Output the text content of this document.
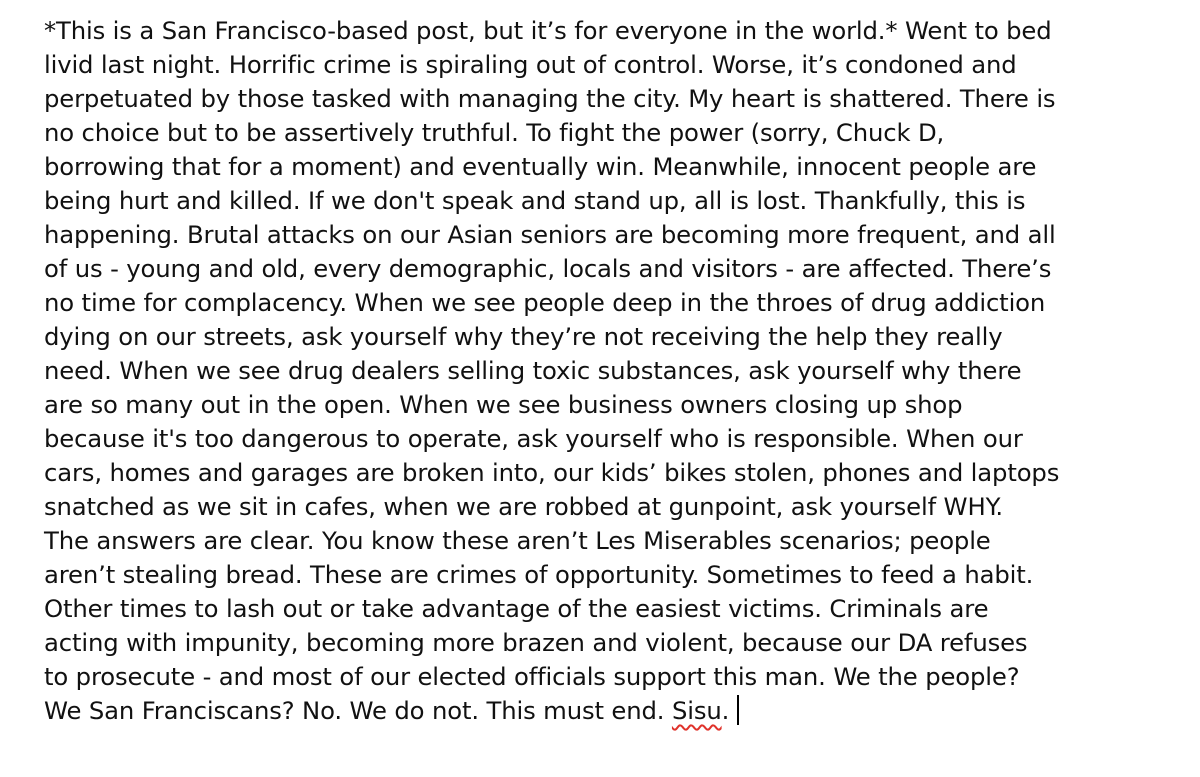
*This is a San Francisco-based post, but it’s for everyone in the world.* Went to bed
livid last night. Horrific crime is spiraling out of control. Worse, it’s condoned and
perpetuated by those tasked with managing the city. My heart is shattered. There is
no choice but to be assertively truthful. To fight the power (sorry, Chuck D,
borrowing that for a moment) and eventually win. Meanwhile, innocent people are
being hurt and killed. If we don't speak and stand up, all is lost. Thankfully, this is
happening. Brutal attacks on our Asian seniors are becoming more frequent, and all
of us - young and old, every demographic, locals and visitors - are affected. There’s
no time for complacency. When we see people deep in the throes of drug addiction
dying on our streets, ask yourself why they’re not receiving the help they really
need. When we see drug dealers selling toxic substances, ask yourself why there
are so many out in the open. When we see business owners closing up shop
because it's too dangerous to operate, ask yourself who is responsible. When our
cars, homes and garages are broken into, our kids’ bikes stolen, phones and laptops
snatched as we sit in cafes, when we are robbed at gunpoint, ask yourself WHY.
The answers are clear. You know these aren’t Les Miserables scenarios; people
aren’t stealing bread. These are crimes of opportunity. Sometimes to feed a habit.
Other times to lash out or take advantage of the easiest victims. Criminals are
acting with impunity, becoming more brazen and violent, because our DA refuses
to prosecute - and most of our elected officials support this man. We the people?
We San Franciscans? No. We do not. This must end. Sisu.
